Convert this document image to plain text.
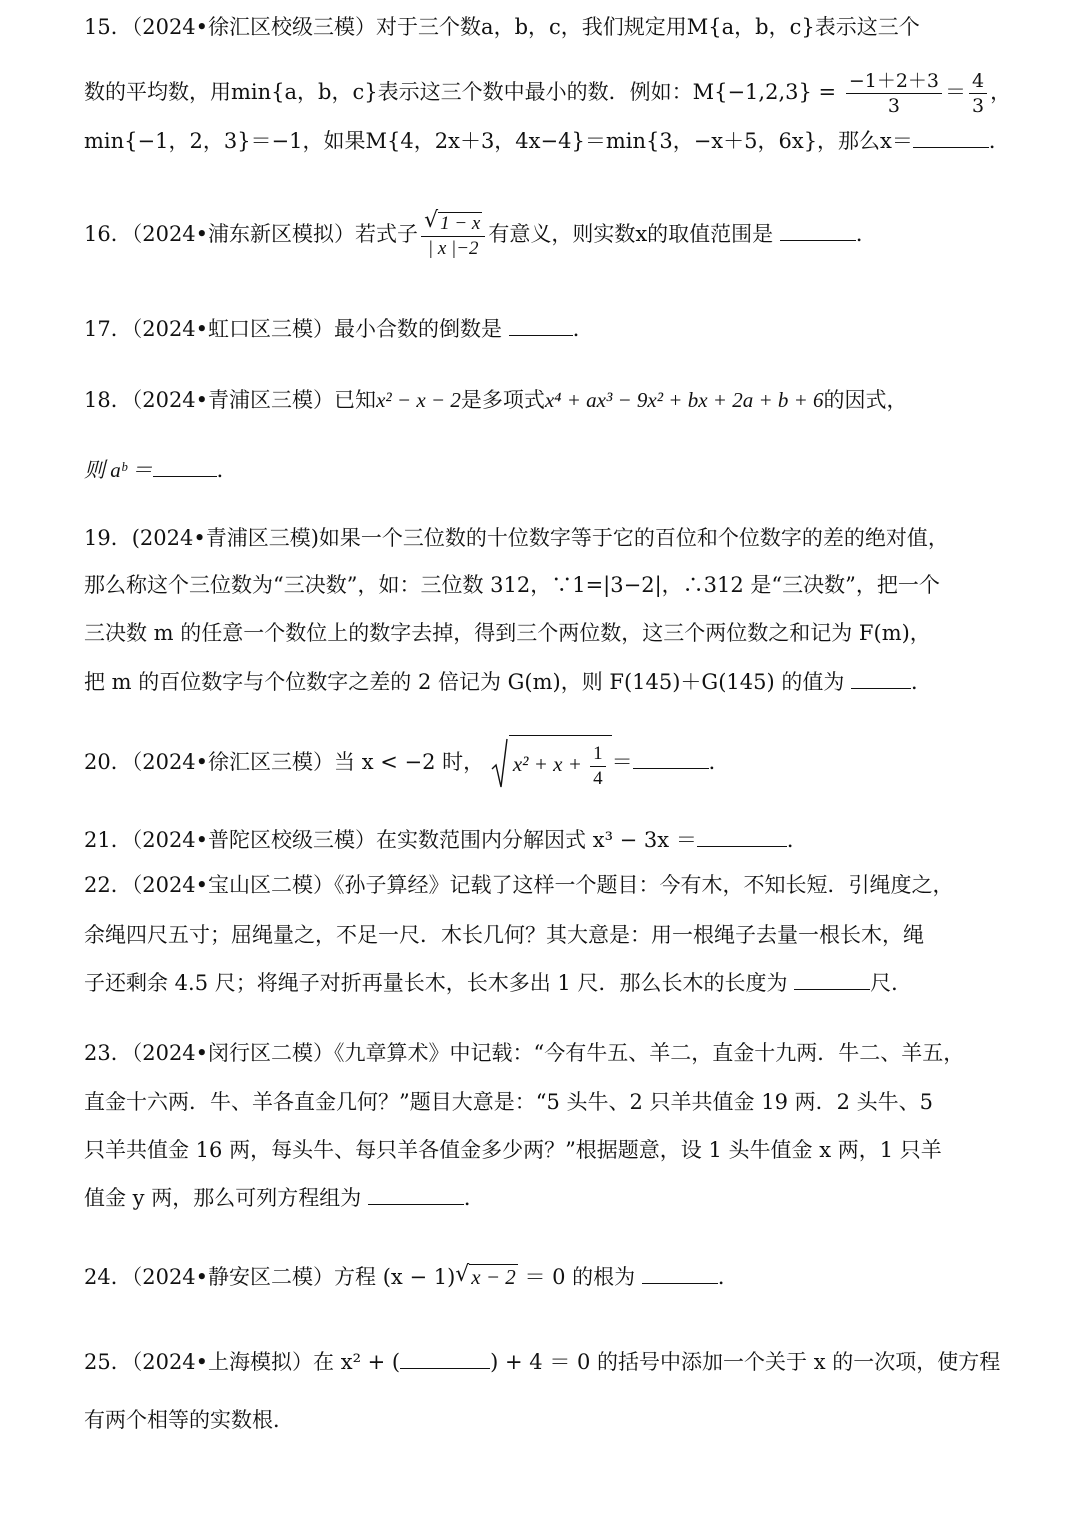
15．（2024•徐汇区校级三模）对于三个数a，b，c，我们规定用M{a，b，c}表示这三个
数的平均数，用min{a，b，c}表示这三个数中最小的数．例如：$M\{-1,2,3\} = \frac{-1+2+3}{3} = \frac{4}{3}$ ，
min{−1，2，3}＝−1，如果M{4，2x＋3，4x−4}＝min{3，−x＋5，6x}，那么x＝	．
16．（2024•浦东新区模拟）若式子 √ $\frac{1 - x}{| x |-2}$ 有意义，则实数x的取值范围是	．
17．（2024•虹口区三模）最小合数的倒数是	．
18．（2024•青浦区三模）已知x² − x − 2是多项式x⁴ + ax³ − 9x² + bx + 2a + b + 6的因式，
则 aᵇ ＝	．
19．(2024•青浦区三模)如果一个三位数的十位数字等于它的百位和个位数字的差的绝对值，
那么称这个三位数为“三决数”，如：三位数 312，∵1=|3−2|，∴312 是“三决数”，把一个
三决数 m 的任意一个数位上的数字去掉，得到三个两位数，这三个两位数之和记为 F(m)，
把 m 的百位数字与个位数字之差的 2 倍记为 G(m)，则 F(145)＋G(145) 的值为	．
20．（2024•徐汇区三模）当 x < −2 时， $x^2 + x + \frac{1}{4}$ ＝	．
21．（2024•普陀区校级三模）在实数范围内分解因式 x³ − 3x ＝	．
22．（2024•宝山区二模）《孙子算经》记载了这样一个题目：今有木，不知长短．引绳度之，
余绳四尺五寸；屈绳量之，不足一尺．木长几何？其大意是：用一根绳子去量一根长木，绳
子还剩余 4.5 尺；将绳子对折再量长木，长木多出 1 尺．那么长木的长度为	尺．
23．（2024•闵行区二模）《九章算术》中记载：“今有牛五、羊二，直金十九两．牛二、羊五，
直金十六两．牛、羊各直金几何？”题目大意是：“5 头牛、2 只羊共值金 19 两．2 头牛、5
只羊共值金 16 两，每头牛、每只羊各值金多少两？”根据题意，设 1 头牛值金 x 两，1 只羊
值金 y 两，那么可列方程组为	．
24．（2024•静安区二模）方程 (x − 1) √ x − 2 ＝ 0 的根为	．
25．（2024•上海模拟）在 x² + (	) + 4 ＝ 0 的括号中添加一个关于 x 的一次项，使方程
有两个相等的实数根．
